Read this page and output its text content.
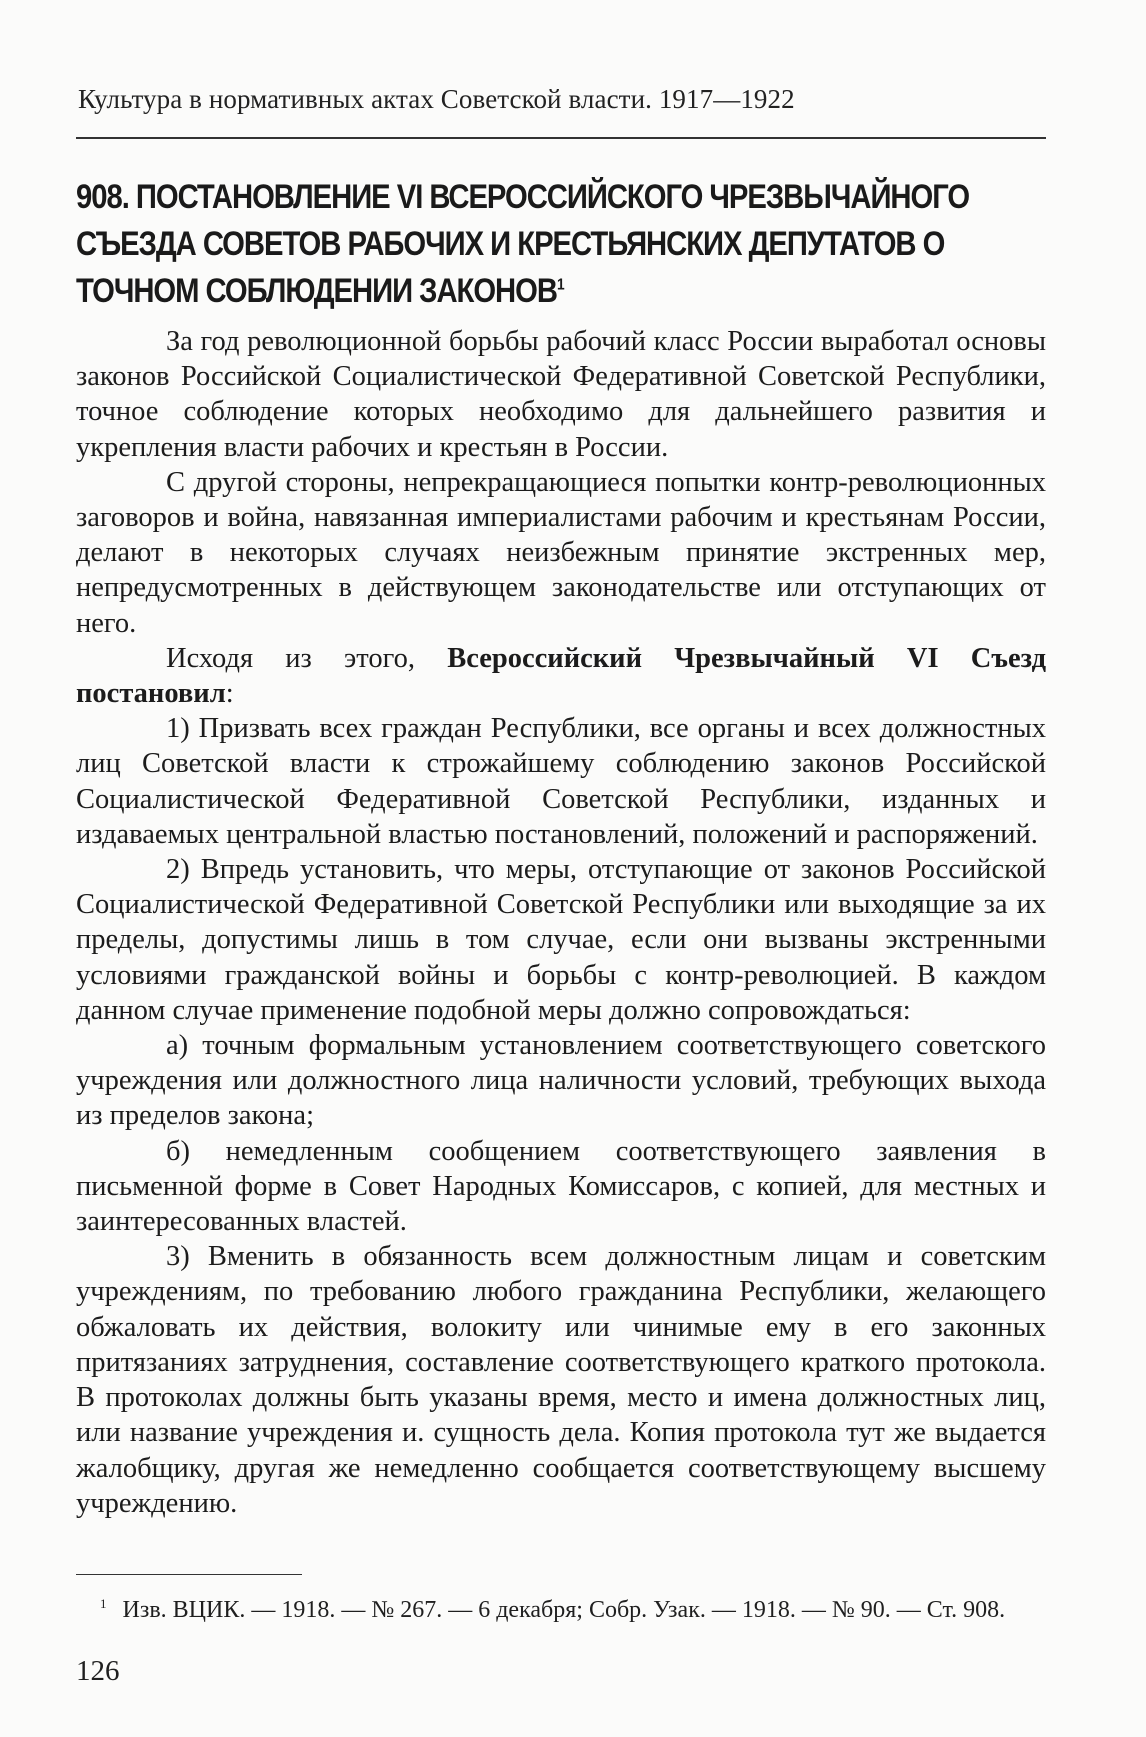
Культура в нормативных актах Советской власти. 1917—1922
908. ПОСТАНОВЛЕНИЕ VI ВСЕРОССИЙСКОГО ЧРЕЗВЫЧАЙНОГО СЪЕЗДА СОВЕТОВ РАБОЧИХ И КРЕСТЬЯНСКИХ ДЕПУТАТОВ О ТОЧНОМ СОБЛЮДЕНИИ ЗАКОНОВ$^1$

За год революционной борьбы рабочий класс России выработал основы законов Российской Социалистической Федеративной Советской Республики, точное соблюдение которых необходимо для дальнейшего развития и укрепления власти рабочих и крестьян в России.

С другой стороны, непрекращающиеся попытки контр-революционных заговоров и война, навязанная империалистами рабочим и крестьянам России, делают в некоторых случаях неизбежным принятие экстренных мер, непредусмотренных в действующем законодательстве или отступающих от него.

Исходя из этого, Всероссийский Чрезвычайный VI Съезд постановил:

1) Призвать всех граждан Республики, все органы и всех должностных лиц Советской власти к строжайшему соблюдению законов Российской Социалистической Федеративной Советской Республики, изданных и издаваемых центральной властью постановлений, положений и распоряжений.

2) Впредь установить, что меры, отступающие от законов Российской Социалистической Федеративной Советской Республики или выходящие за их пределы, допустимы лишь в том случае, если они вызваны экстренными условиями гражданской войны и борьбы с контр-революцией. В каждом данном случае применение подобной меры должно сопровождаться:

а) точным формальным установлением соответствующего советского учреждения или должностного лица наличности условий, требующих выхода из пределов закона;

б) немедленным сообщением соответствующего заявления в письменной форме в Совет Народных Комиссаров, с копией, для местных и заинтересованных властей.

3) Вменить в обязанность всем должностным лицам и советским учреждениям, по требованию любого гражданина Республики, желающего обжаловать их действия, волокиту или чинимые ему в его законных притязаниях затруднения, составление соответствующего краткого протокола. В протоколах должны быть указаны время, место и имена должностных лиц, или название учреждения и. сущность дела. Копия протокола тут же выдается жалобщику, другая же немедленно сообщается соответствующему высшему учреждению.

$^1$ Изв. ВЦИК. — 1918. — № 267. — 6 декабря; Собр. Узак. — 1918. — № 90. — Ст. 908.
126
